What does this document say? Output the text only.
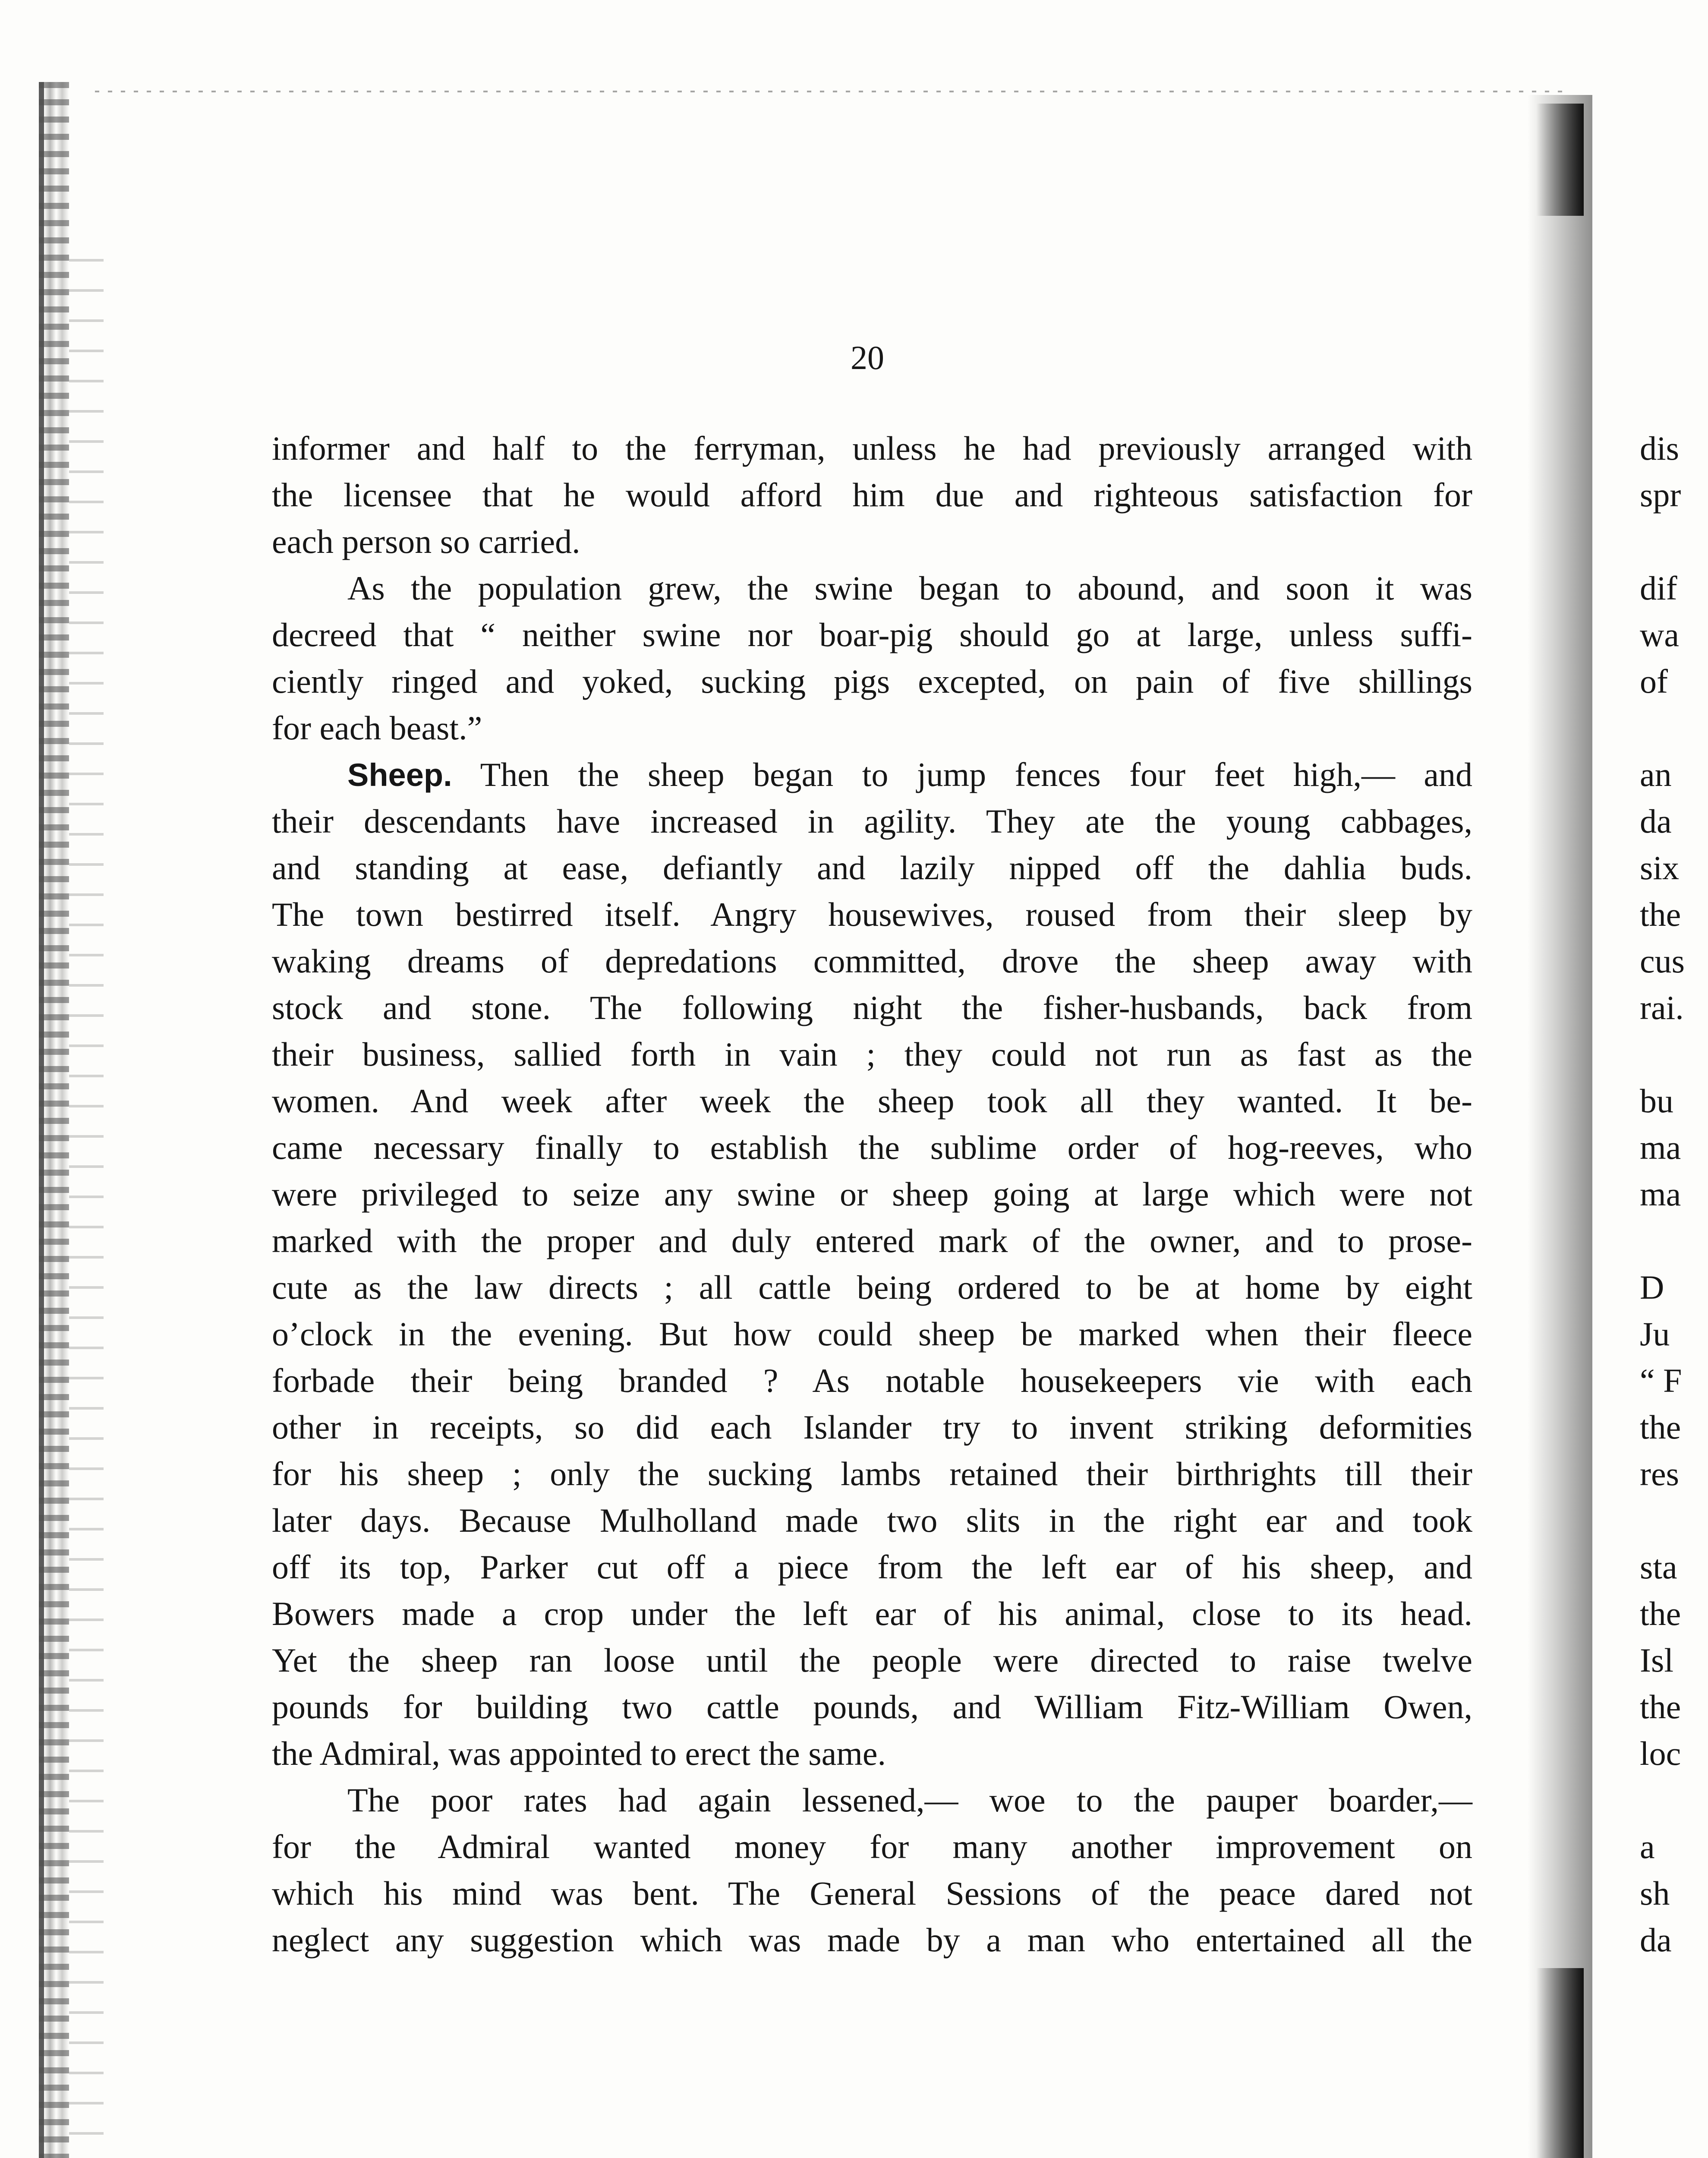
20
informer and half to the ferryman, unless he had previously arranged with
the licensee that he would afford him due and righteous satisfaction for
each person so carried.
As the population grew, the swine began to abound, and soon it was
decreed that “ neither swine nor boar-pig should go at large, unless suffi-
ciently ringed and yoked, sucking pigs excepted, on pain of five shillings
for each beast.”
Sheep. Then the sheep began to jump fences four feet high,— and
their descendants have increased in agility. They ate the young cabbages,
and standing at ease, defiantly and lazily nipped off the dahlia buds.
The town bestirred itself. Angry housewives, roused from their sleep by
waking dreams of depredations committed, drove the sheep away with
stock and stone. The following night the fisher-husbands, back from
their business, sallied forth in vain ; they could not run as fast as the
women. And week after week the sheep took all they wanted. It be-
came necessary finally to establish the sublime order of hog-reeves, who
were privileged to seize any swine or sheep going at large which were not
marked with the proper and duly entered mark of the owner, and to prose-
cute as the law directs ; all cattle being ordered to be at home by eight
o’clock in the evening. But how could sheep be marked when their fleece
forbade their being branded ? As notable housekeepers vie with each
other in receipts, so did each Islander try to invent striking deformities
for his sheep ; only the sucking lambs retained their birthrights till their
later days. Because Mulholland made two slits in the right ear and took
off its top, Parker cut off a piece from the left ear of his sheep, and
Bowers made a crop under the left ear of his animal, close to its head.
Yet the sheep ran loose until the people were directed to raise twelve
pounds for building two cattle pounds, and William Fitz-William Owen,
the Admiral, was appointed to erect the same.
The poor rates had again lessened,— woe to the pauper boarder,—
for the Admiral wanted money for many another improvement on
which his mind was bent. The General Sessions of the peace dared not
neglect any suggestion which was made by a man who entertained all the
dis
spr
dif
wa
of
an
da
six
the
cus
rai.
bu
ma
ma
D
Ju
“ F
the
res
sta
the
Isl
the
loc
a
sh
da
